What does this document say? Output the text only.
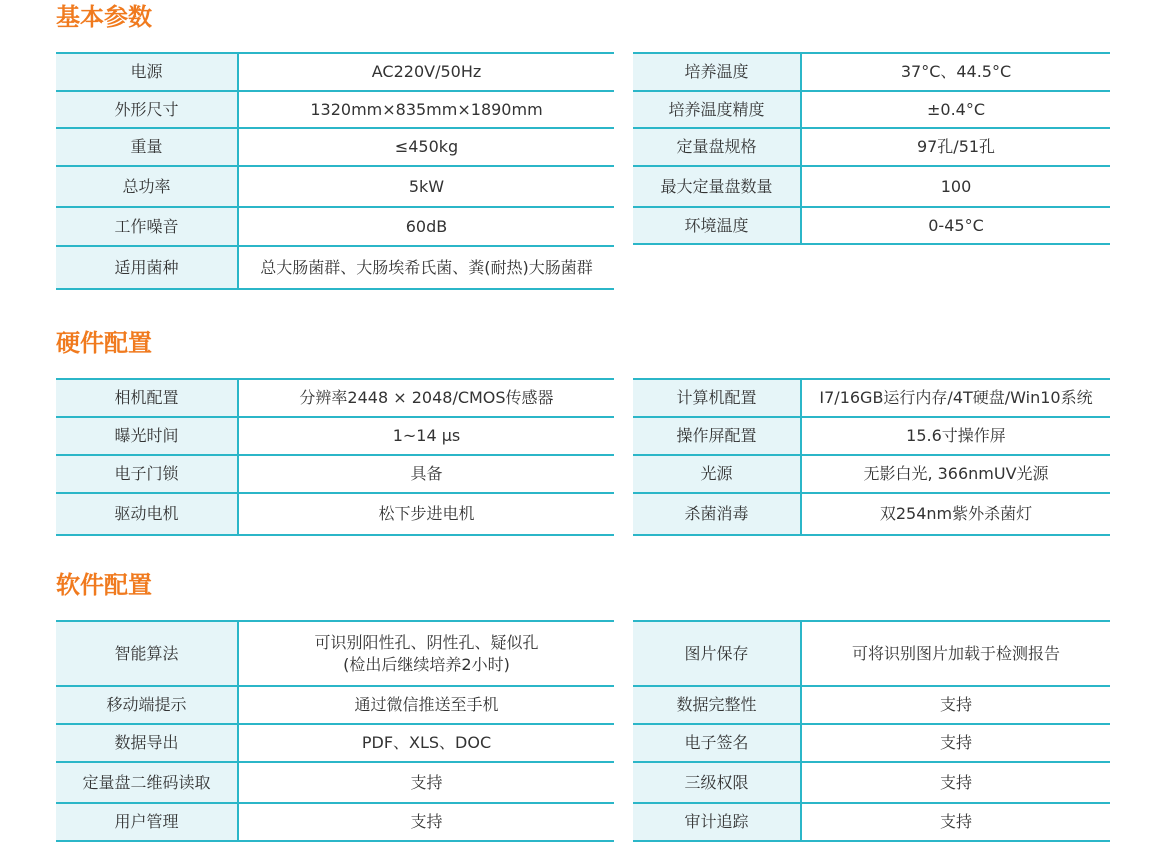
基本参数
电源	AC220V/50Hz
外形尺寸	1320mm×835mm×1890mm
重量	≤450kg
总功率	5kW
工作噪音	60dB
适用菌种	总大肠菌群、大肠埃希氏菌、粪(耐热)大肠菌群
培养温度	37°C、44.5°C
培养温度精度	±0.4°C
定量盘规格	97孔/51孔
最大定量盘数量	100
环境温度	0-45°C
硬件配置
相机配置	分辨率2448 × 2048/CMOS传感器
曝光时间	1~14 μs
电子门锁	具备
驱动电机	松下步进电机
计算机配置	I7/16GB运行内存/4T硬盘/Win10系统
操作屏配置	15.6寸操作屏
光源	无影白光, 366nmUV光源
杀菌消毒	双254nm紫外杀菌灯
软件配置
智能算法	可识别阳性孔、阴性孔、疑似孔
(检出后继续培养2小时)

移动端提示	通过微信推送至手机
数据导出	PDF、XLS、DOC
定量盘二维码读取	支持
用户管理	支持
图片保存	可将识别图片加载于检测报告
数据完整性	支持
电子签名	支持
三级权限	支持
审计追踪	支持
